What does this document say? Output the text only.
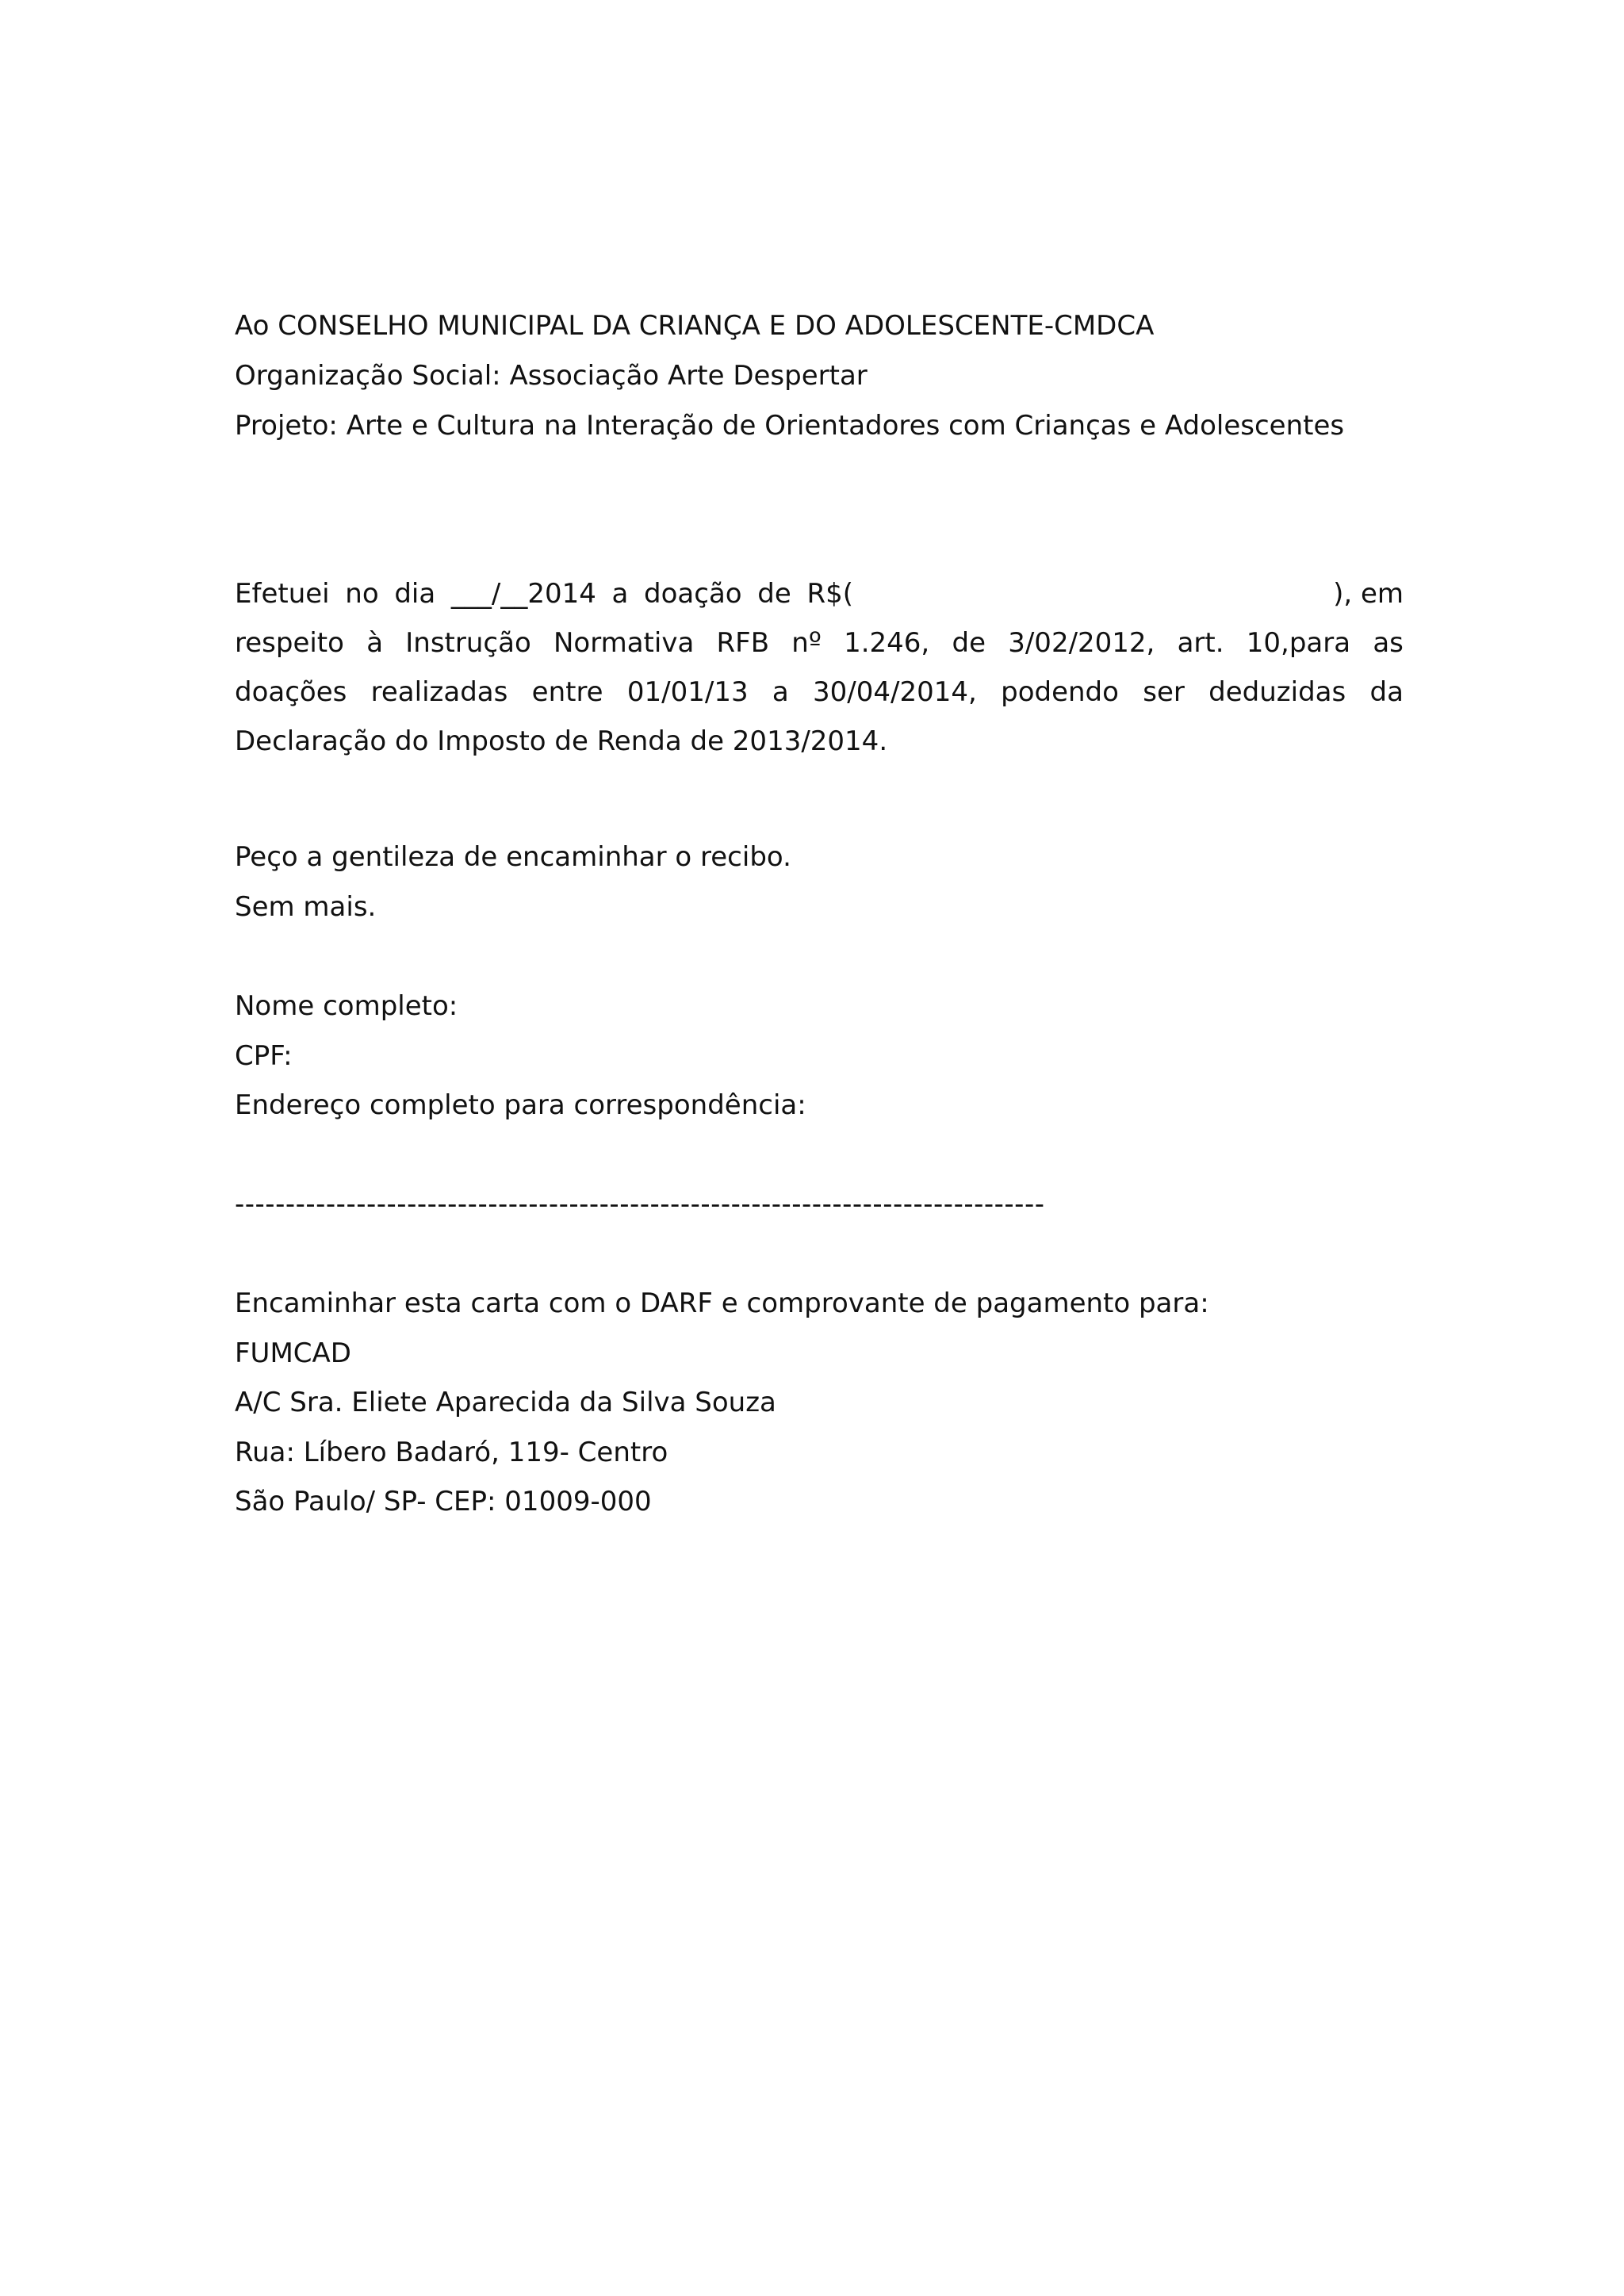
Ao CONSELHO MUNICIPAL DA CRIANÇA E DO ADOLESCENTE-CMDCA
Organização Social: Associação Arte Despertar
Projeto: Arte e Cultura na Interação de Orientadores com Crianças e Adolescentes
Efetuei no dia ___/__2014 a doação de R$(	), em
respeito à Instrução Normativa RFB nº 1.246, de 3/02/2012, art. 10,para as
doações realizadas entre 01/01/13 a 30/04/2014, podendo ser deduzidas da
Declaração do Imposto de Renda de 2013/2014.
Peço a gentileza de encaminhar o recibo.
Sem mais.
Nome completo:
CPF:
Endereço completo para correspondência:
--------------------------------------------------------------------------------
Encaminhar esta carta com o DARF e comprovante de pagamento para:
FUMCAD
A/C Sra. Eliete Aparecida da Silva Souza
Rua: Líbero Badaró, 119- Centro
São Paulo/ SP- CEP: 01009-000
